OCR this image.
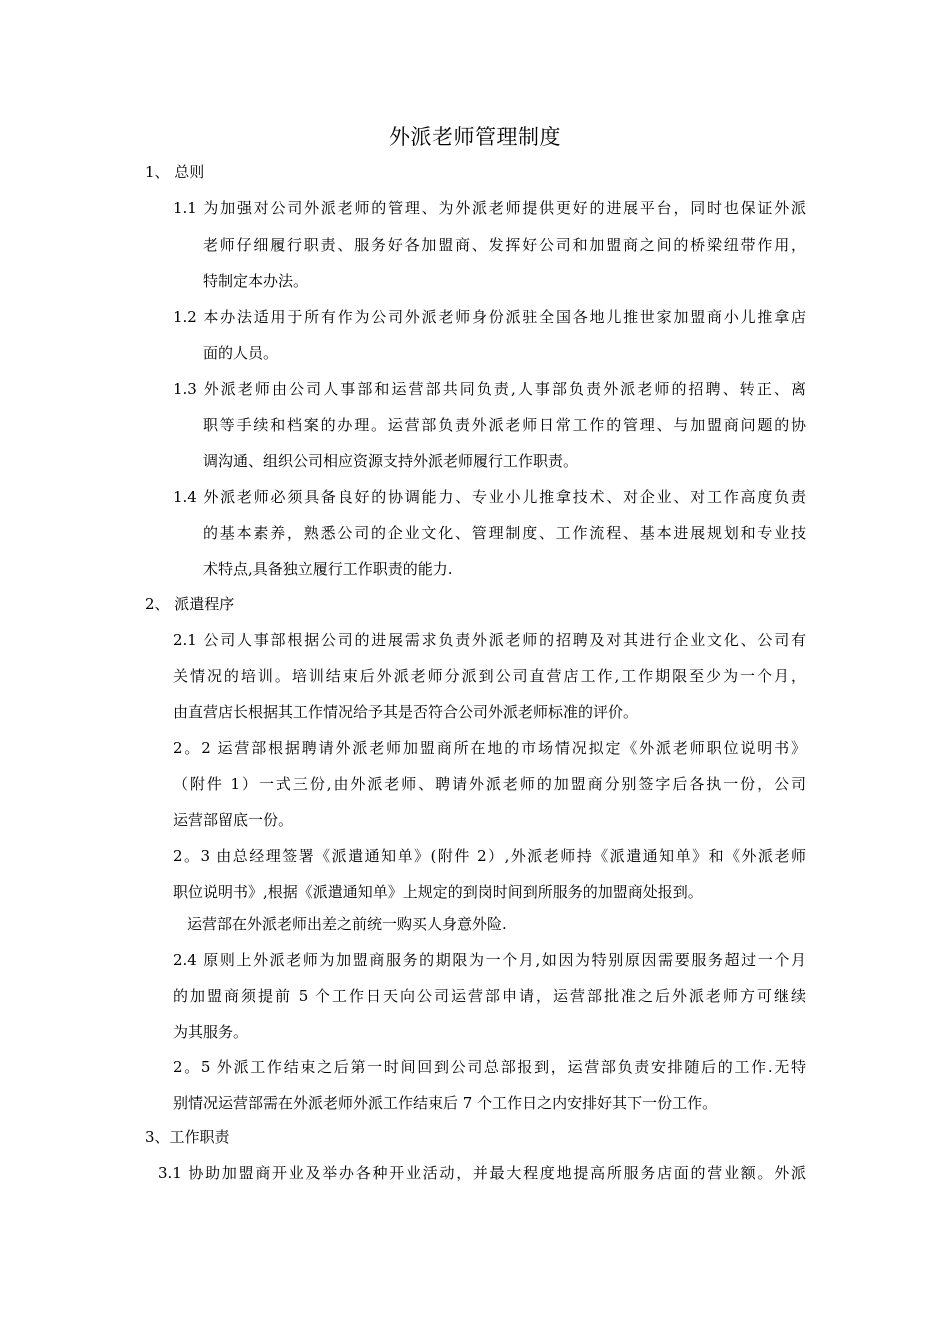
外派老师管理制度
1、 总则
1.1 为加强对公司外派老师的管理、为外派老师提供更好的进展平台，同时也保证外派
老师仔细履行职责、服务好各加盟商、发挥好公司和加盟商之间的桥梁纽带作用，
特制定本办法。
1.2 本办法适用于所有作为公司外派老师身份派驻全国各地儿推世家加盟商小儿推拿店
面的人员。
1.3 外派老师由公司人事部和运营部共同负责,人事部负责外派老师的招聘、转正、离
职等手续和档案的办理。运营部负责外派老师日常工作的管理、与加盟商问题的协
调沟通、组织公司相应资源支持外派老师履行工作职责。
1.4 外派老师必须具备良好的协调能力、专业小儿推拿技术、对企业、对工作高度负责
的基本素养，熟悉公司的企业文化、管理制度、工作流程、基本进展规划和专业技
术特点,具备独立履行工作职责的能力.
2、 派遣程序
2.1 公司人事部根据公司的进展需求负责外派老师的招聘及对其进行企业文化、公司有
关情况的培训。培训结束后外派老师分派到公司直营店工作,工作期限至少为一个月，
由直营店长根据其工作情况给予其是否符合公司外派老师标准的评价。
2。2 运营部根据聘请外派老师加盟商所在地的市场情况拟定《外派老师职位说明书》
（附件 1）一式三份,由外派老师、聘请外派老师的加盟商分别签字后各执一份，公司
运营部留底一份。
2。3 由总经理签署《派遣通知单》(附件 2）,外派老师持《派遣通知单》和《外派老师
职位说明书》,根据《派遣通知单》上规定的到岗时间到所服务的加盟商处报到。
运营部在外派老师出差之前统一购买人身意外险.
2.4 原则上外派老师为加盟商服务的期限为一个月,如因为特别原因需要服务超过一个月
的加盟商须提前 5 个工作日天向公司运营部申请，运营部批准之后外派老师方可继续
为其服务。
2。5 外派工作结束之后第一时间回到公司总部报到，运营部负责安排随后的工作.无特
别情况运营部需在外派老师外派工作结束后 7 个工作日之内安排好其下一份工作。
3、工作职责
3.1 协助加盟商开业及举办各种开业活动，并最大程度地提高所服务店面的营业额。外派
